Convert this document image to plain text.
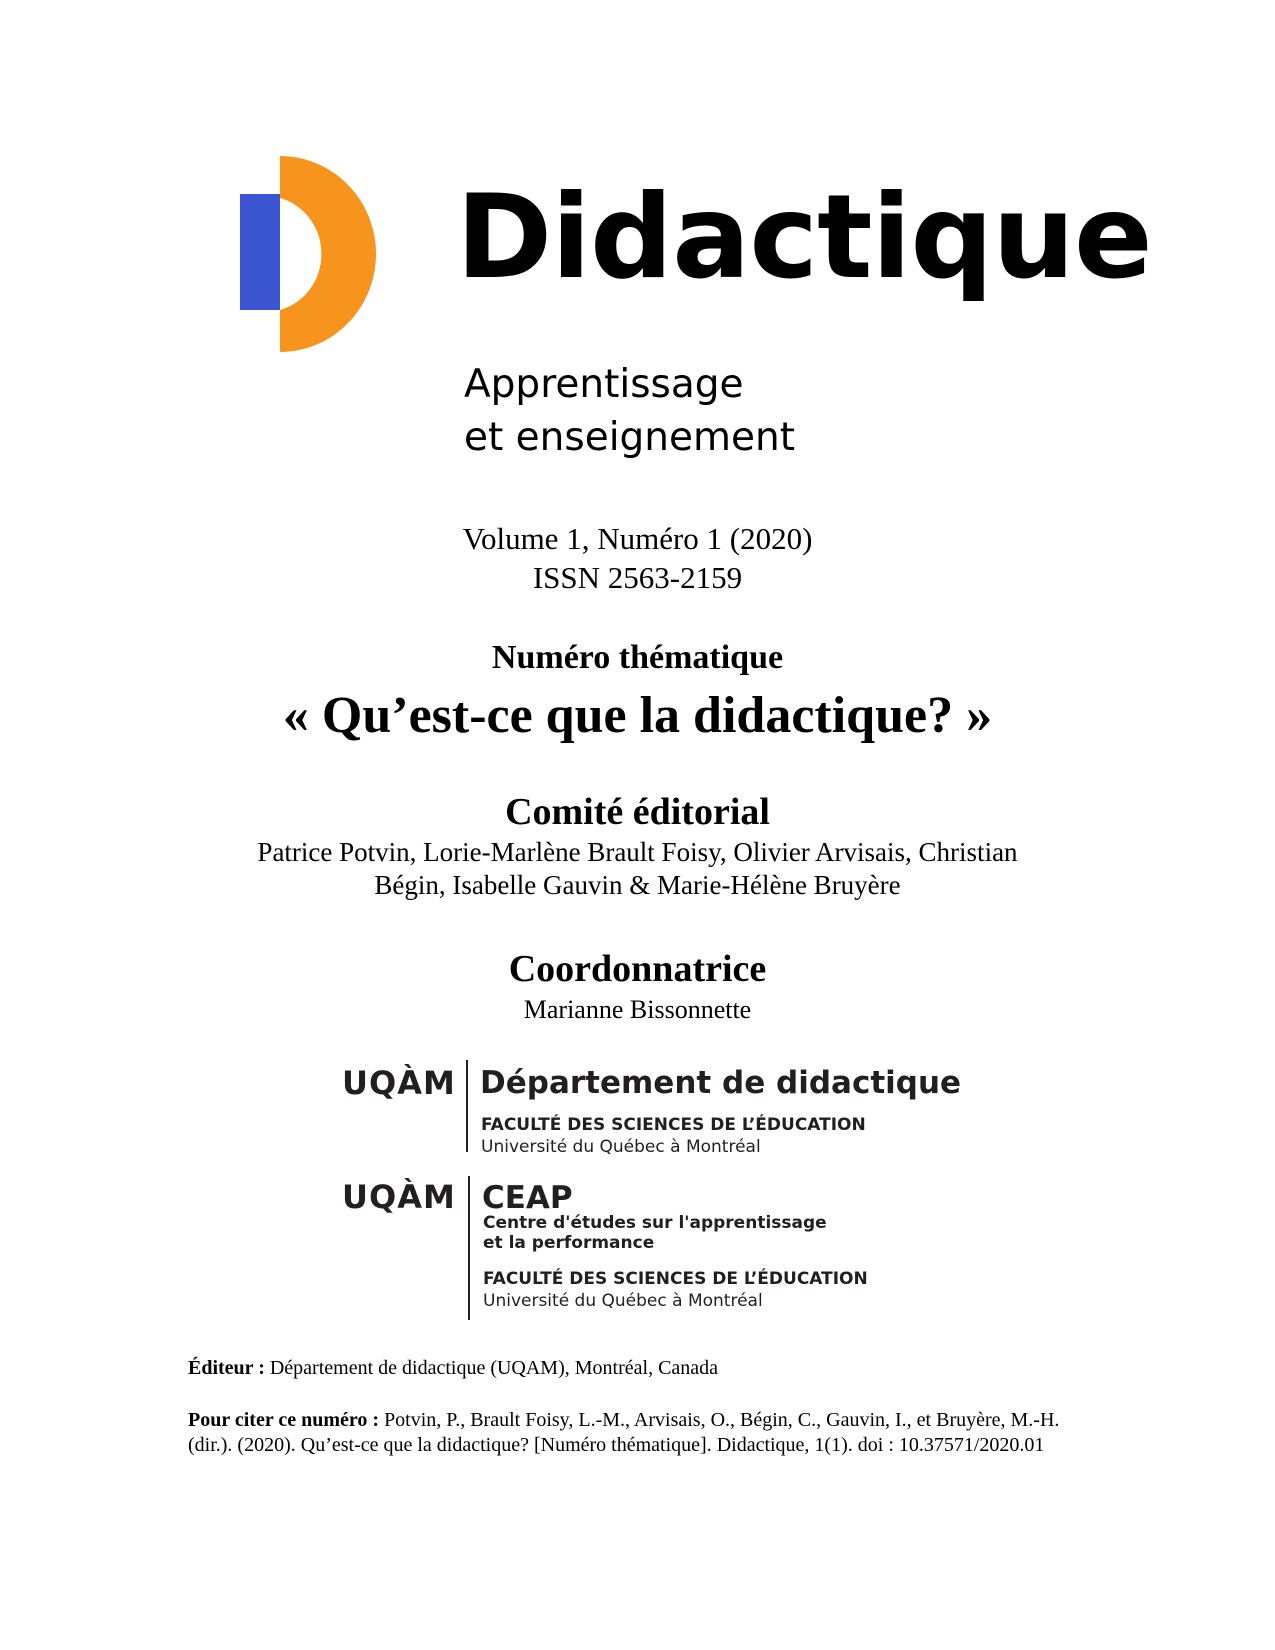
Didactique
Apprentissage
et enseignement
Volume 1, Numéro 1 (2020)
ISSN 2563-2159
Numéro thématique
« Qu’est-ce que la didactique? »
Comité éditorial
Patrice Potvin, Lorie-Marlène Brault Foisy, Olivier Arvisais, Christian
Bégin, Isabelle Gauvin & Marie-Hélène Bruyère
Coordonnatrice
Marianne Bissonnette
UQÀM Département de didactique
FACULTÉ DES SCIENCES DE L’ÉDUCATION
Université du Québec à Montréal
UQÀM CEAP
Centre d'études sur l'apprentissage
et la performance
FACULTÉ DES SCIENCES DE L’ÉDUCATION
Université du Québec à Montréal
Éditeur : Département de didactique (UQAM), Montréal, Canada
Pour citer ce numéro : Potvin, P., Brault Foisy, L.-M., Arvisais, O., Bégin, C., Gauvin, I., et Bruyère, M.-H. (dir.). (2020). Qu’est-ce que la didactique? [Numéro thématique]. Didactique, 1(1). doi : 10.37571/2020.01
